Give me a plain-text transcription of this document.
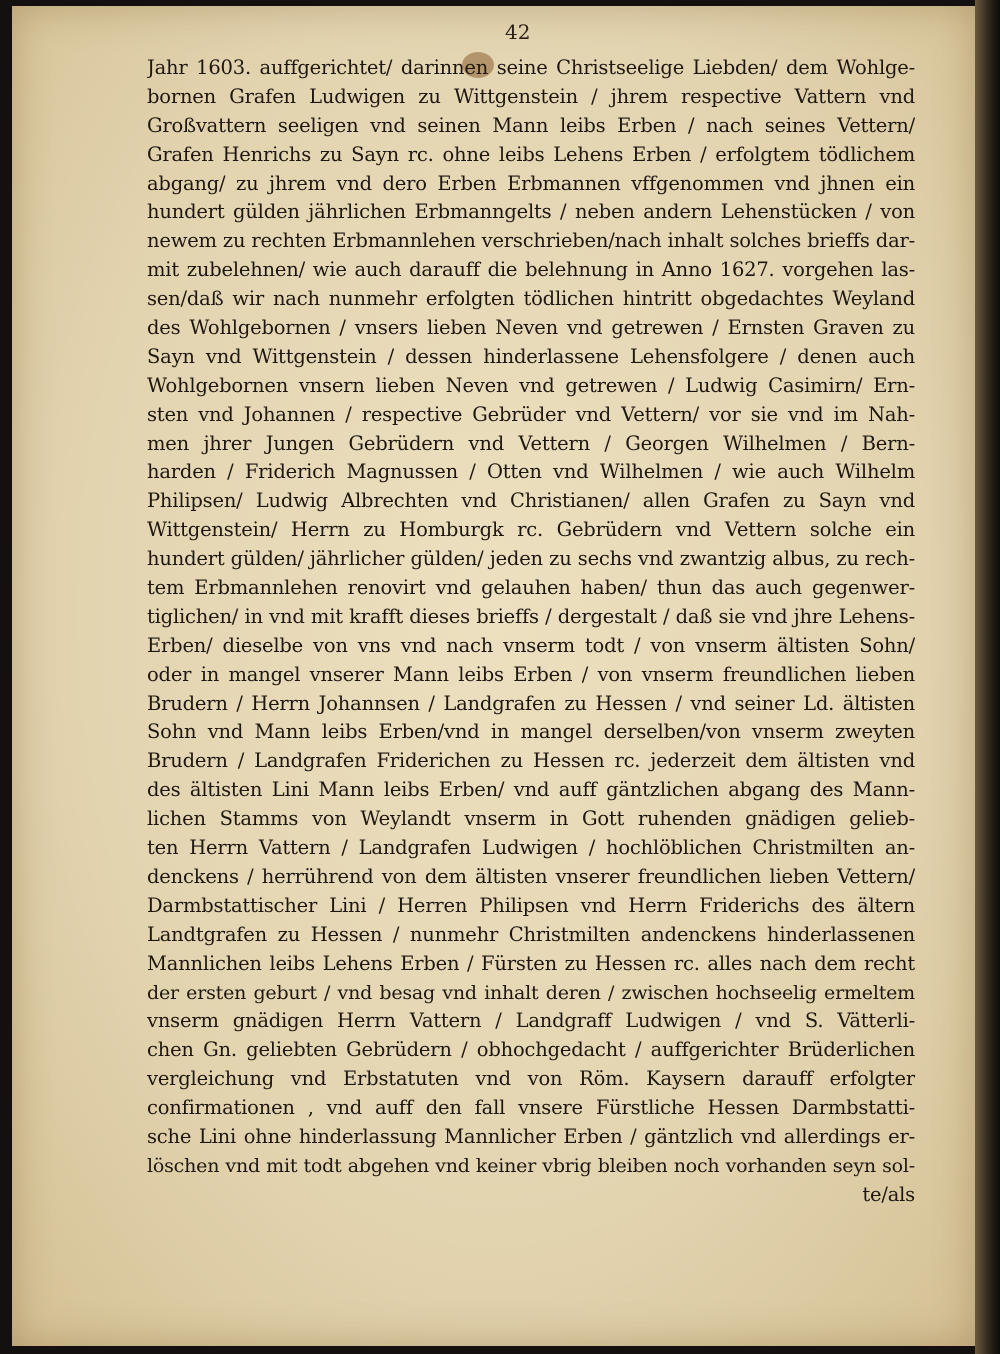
42
Jahr 1603. auffgerichtet/ darinnen seine Christseelige Liebden/ dem Wohlge-
bornen Grafen Ludwigen zu Wittgenstein / jhrem respective Vattern vnd
Großvattern seeligen vnd seinen Mann leibs Erben / nach seines Vettern/
Grafen Henrichs zu Sayn rc. ohne leibs Lehens Erben / erfolgtem tödlichem
abgang/ zu jhrem vnd dero Erben Erbmannen vffgenommen vnd jhnen ein
hundert gülden jährlichen Erbmanngelts / neben andern Lehenstücken / von
newem zu rechten Erbmannlehen verschrieben/nach inhalt solches brieffs dar-
mit zubelehnen/ wie auch darauff die belehnung in Anno 1627. vorgehen las-
sen/daß wir nach nunmehr erfolgten tödlichen hintritt obgedachtes Weyland
des Wohlgebornen / vnsers lieben Neven vnd getrewen / Ernsten Graven zu
Sayn vnd Wittgenstein / dessen hinderlassene Lehensfolgere / denen auch
Wohlgebornen vnsern lieben Neven vnd getrewen / Ludwig Casimirn/ Ern-
sten vnd Johannen / respective Gebrüder vnd Vettern/ vor sie vnd im Nah-
men jhrer Jungen Gebrüdern vnd Vettern / Georgen Wilhelmen / Bern-
harden / Friderich Magnussen / Otten vnd Wilhelmen / wie auch Wilhelm
Philipsen/ Ludwig Albrechten vnd Christianen/ allen Grafen zu Sayn vnd
Wittgenstein/ Herrn zu Homburgk rc. Gebrüdern vnd Vettern solche ein
hundert gülden/ jährlicher gülden/ jeden zu sechs vnd zwantzig albus, zu rech-
tem Erbmannlehen renovirt vnd gelauhen haben/ thun das auch gegenwer-
tiglichen/ in vnd mit krafft dieses brieffs / dergestalt / daß sie vnd jhre Lehens-
Erben/ dieselbe von vns vnd nach vnserm todt / von vnserm ältisten Sohn/
oder in mangel vnserer Mann leibs Erben / von vnserm freundlichen lieben
Brudern / Herrn Johannsen / Landgrafen zu Hessen / vnd seiner Ld. ältisten
Sohn vnd Mann leibs Erben/vnd in mangel derselben/von vnserm zweyten
Brudern / Landgrafen Friderichen zu Hessen rc. jederzeit dem ältisten vnd
des ältisten Lini Mann leibs Erben/ vnd auff gäntzlichen abgang des Mann-
lichen Stamms von Weylandt vnserm in Gott ruhenden gnädigen gelieb-
ten Herrn Vattern / Landgrafen Ludwigen / hochlöblichen Christmilten an-
denckens / herrührend von dem ältisten vnserer freundlichen lieben Vettern/
Darmbstattischer Lini / Herren Philipsen vnd Herrn Friderichs des ältern
Landtgrafen zu Hessen / nunmehr Christmilten andenckens hinderlassenen
Mannlichen leibs Lehens Erben / Fürsten zu Hessen rc. alles nach dem recht
der ersten geburt / vnd besag vnd inhalt deren / zwischen hochseelig ermeltem
vnserm gnädigen Herrn Vattern / Landgraff Ludwigen / vnd S. Vätterli-
chen Gn. geliebten Gebrüdern / obhochgedacht / auffgerichter Brüderlichen
vergleichung vnd Erbstatuten vnd von Röm. Kaysern darauff erfolgter
confirmationen , vnd auff den fall vnsere Fürstliche Hessen Darmbstatti-
sche Lini ohne hinderlassung Mannlicher Erben / gäntzlich vnd allerdings er-
löschen vnd mit todt abgehen vnd keiner vbrig bleiben noch vorhanden seyn sol-
te/als
